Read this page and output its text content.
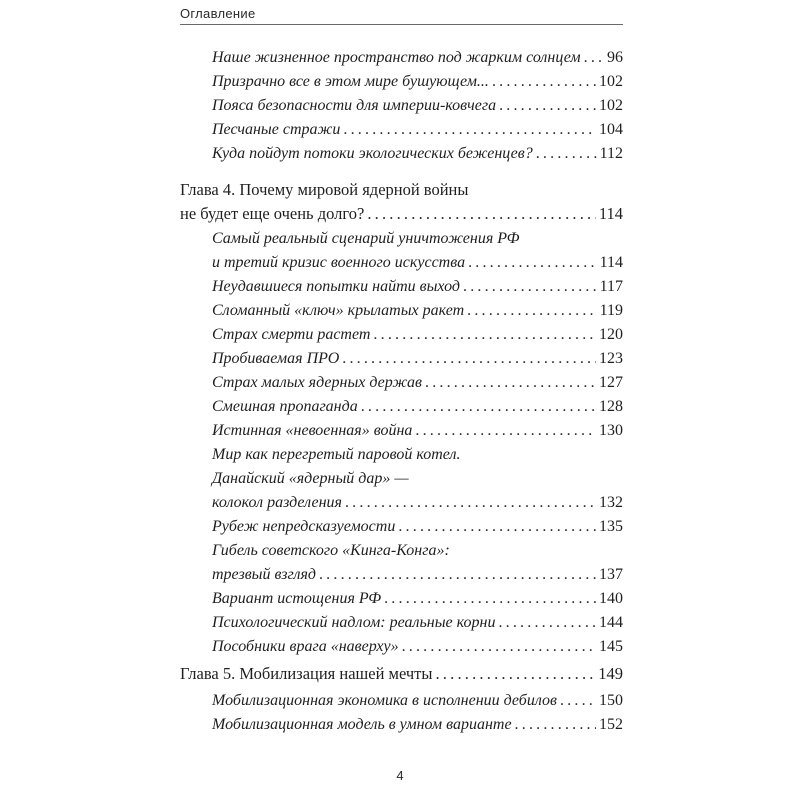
Оглавление
Наше жизненное пространство под жарким солнцем ..... 96
Призрачно все в этом мире бушующем... .....	102
Пояса безопасности для империи-ковчега .....	102
Песчаные стражи .....	104
Куда пойдут потоки экологических беженцев? .....	112
Глава 4. Почему мировой ядерной войны
не будет еще очень долго? .....	114
Самый реальный сценарий уничтожения РФ
и третий кризис военного искусства .....	114
Неудавшиеся попытки найти выход .....	117
Сломанный «ключ» крылатых ракет .....	119
Страх смерти растет .....	120
Пробиваемая ПРО .....	123
Страх малых ядерных держав .....	127
Смешная пропаганда .....	128
Истинная «невоенная» война .....	130
Мир как перегретый паровой котел.
Данайский «ядерный дар» —
колокол разделения .....	132
Рубеж непредсказуемости .....	135
Гибель советского «Кинга-Конга»:
трезвый взгляд .....	137
Вариант истощения РФ .....	140
Психологический надлом: реальные корни .....	144
Пособники врага «наверху» .....	145
Глава 5. Мобилизация нашей мечты .....	149
Мобилизационная экономика в исполнении дебилов .....	150
Мобилизационная модель в умном варианте .....	152
4
